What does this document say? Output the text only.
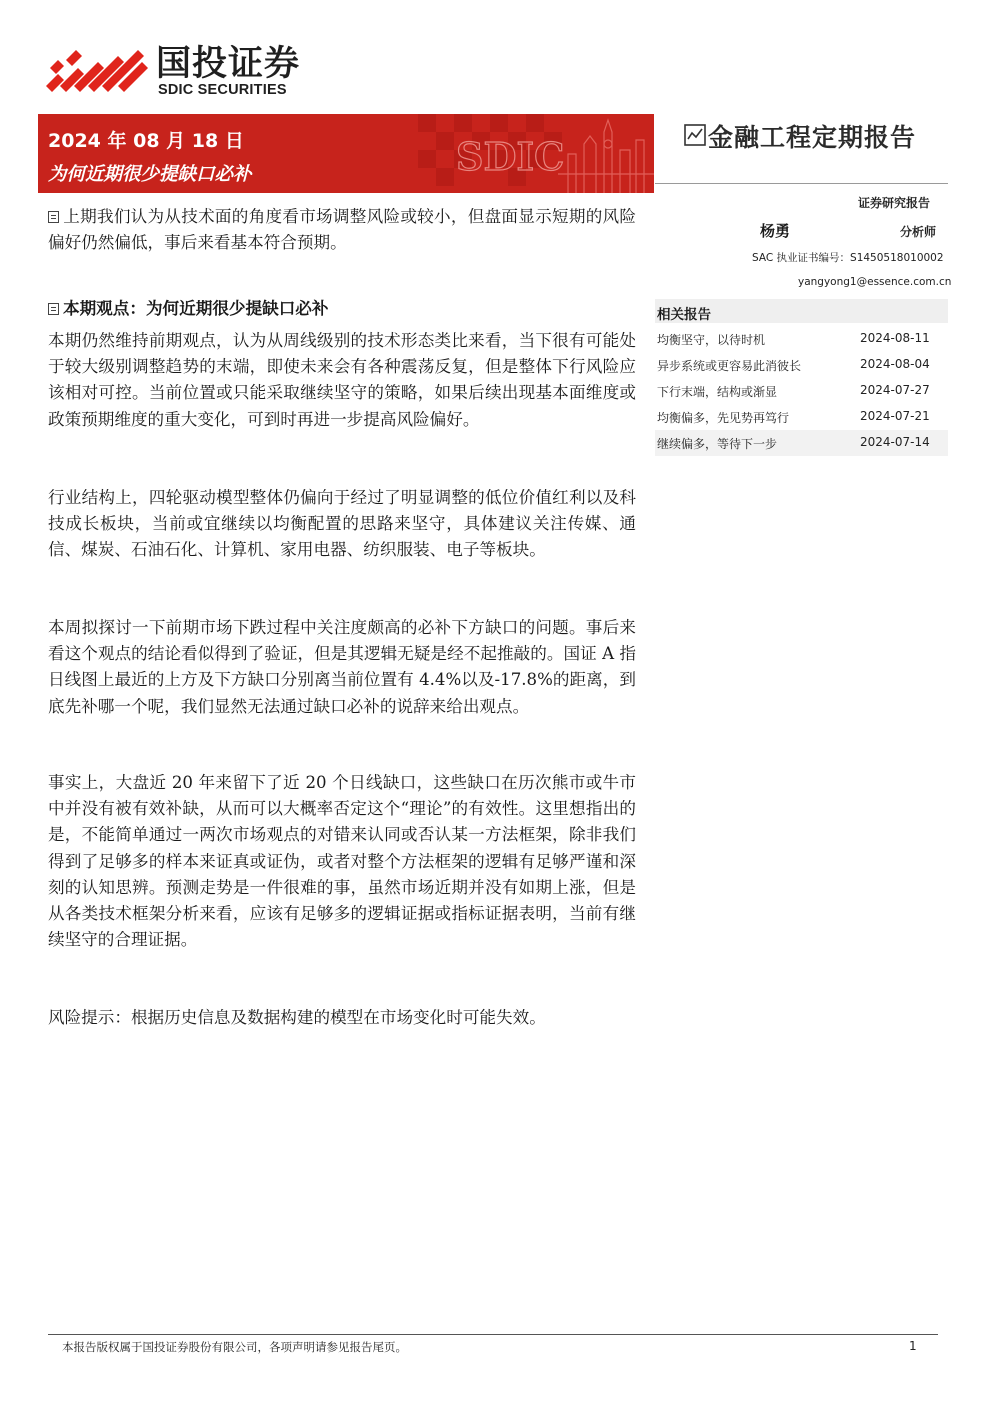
国投证券
SDIC SECURITIES
SDIC
2024 年 08 月 18 日
为何近期很少提缺口必补
金融工程定期报告
证券研究报告
杨勇	分析师
SAC 执业证书编号：S1450518010002
yangyong1@essence.com.cn
相关报告
均衡坚守，以待时机	2024-08-11
异步系统或更容易此消彼长	2024-08-04
下行末端，结构或渐显	2024-07-27
均衡偏多，先见势再笃行	2024-07-21
继续偏多，等待下一步	2024-07-14

上期我们认为从技术面的角度看市场调整风险或较小，但盘面显示短期的风险偏好仍然偏低，事后来看基本符合预期。

本期观点：为何近期很少提缺口必补

本期仍然维持前期观点，认为从周线级别的技术形态类比来看，当下很有可能处于较大级别调整趋势的末端，即使未来会有各种震荡反复，但是整体下行风险应该相对可控。当前位置或只能采取继续坚守的策略，如果后续出现基本面维度或政策预期维度的重大变化，可到时再进一步提高风险偏好。

行业结构上，四轮驱动模型整体仍偏向于经过了明显调整的低位价值红利以及科技成长板块，当前或宜继续以均衡配置的思路来坚守，具体建议关注传媒、通信、煤炭、石油石化、计算机、家用电器、纺织服装、电子等板块。

本周拟探讨一下前期市场下跌过程中关注度颇高的必补下方缺口的问题。事后来看这个观点的结论看似得到了验证，但是其逻辑无疑是经不起推敲的。国证 A 指日线图上最近的上方及下方缺口分别离当前位置有 4.4%以及-17.8%的距离，到底先补哪一个呢，我们显然无法通过缺口必补的说辞来给出观点。

事实上，大盘近 20 年来留下了近 20 个日线缺口，这些缺口在历次熊市或牛市中并没有被有效补缺，从而可以大概率否定这个“理论”的有效性。这里想指出的是，不能简单通过一两次市场观点的对错来认同或否认某一方法框架，除非我们得到了足够多的样本来证真或证伪，或者对整个方法框架的逻辑有足够严谨和深刻的认知思辨。预测走势是一件很难的事，虽然市场近期并没有如期上涨，但是从各类技术框架分析来看，应该有足够多的逻辑证据或指标证据表明，当前有继续坚守的合理证据。

风险提示：根据历史信息及数据构建的模型在市场变化时可能失效。

本报告版权属于国投证券股份有限公司，各项声明请参见报告尾页。	1
